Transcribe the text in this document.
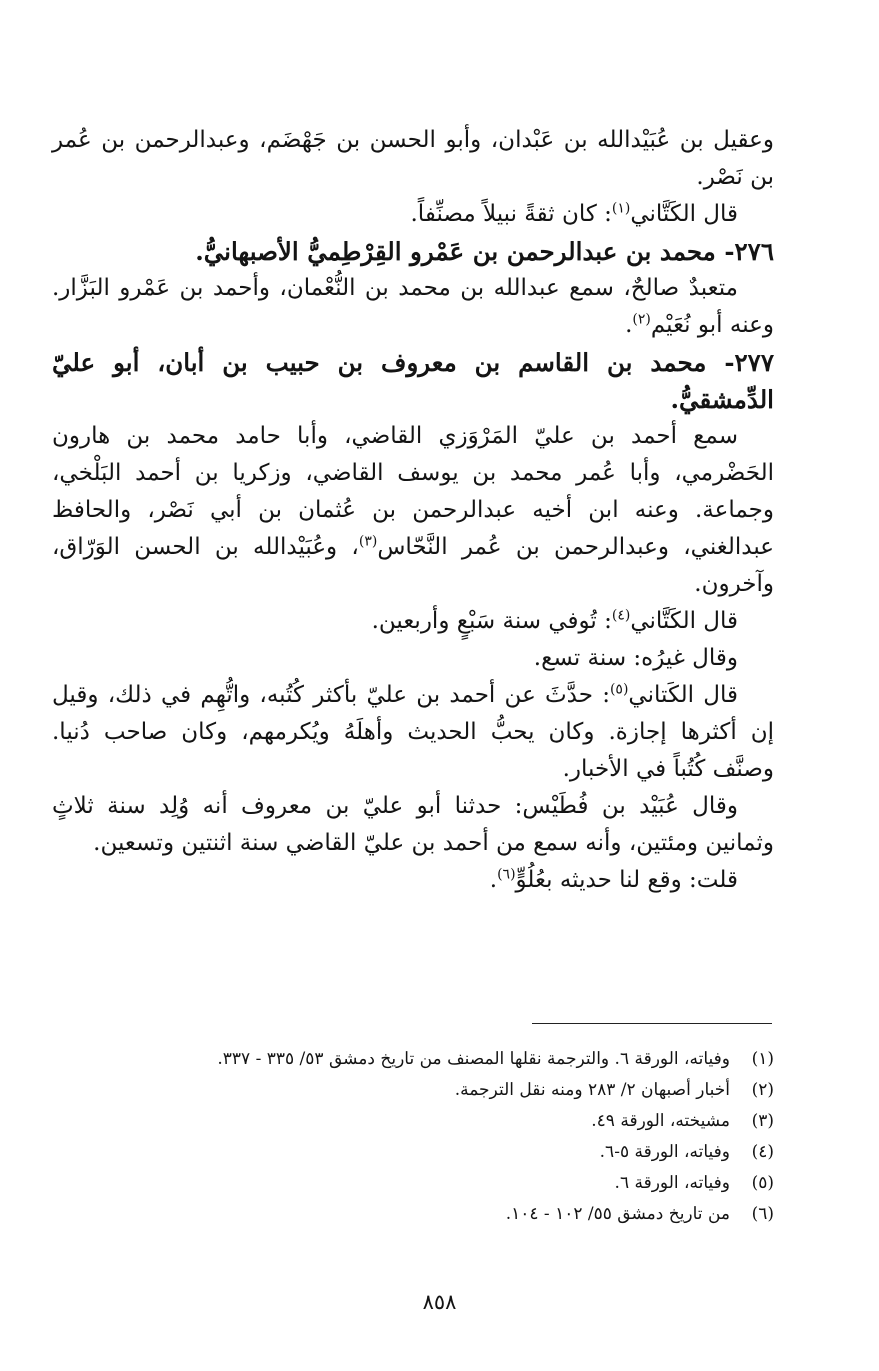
وعقيل بن عُبَيْدالله بن عَبْدان، وأبو الحسن بن جَهْضَم، وعبدالرحمن بن عُمر بن نَصْر.

قال الكَتَّاني$^{(١)}$: كان ثقةً نبيلاً مصنِّفاً.

٢٧٦- محمد بن عبدالرحمن بن عَمْرو القِرْطِميُّ الأصبهانيُّ.

متعبدٌ صالحٌ، سمع عبدالله بن محمد بن النُّعْمان، وأحمد بن عَمْرو البَزَّار. وعنه أبو نُعَيْم$^{(٢)}$.

٢٧٧- محمد بن القاسم بن معروف بن حبيب بن أبان، أبو عليّ الدِّمشقيُّ.

سمع أحمد بن عليّ المَرْوَزي القاضي، وأبا حامد محمد بن هارون الحَضْرمي، وأبا عُمر محمد بن يوسف القاضي، وزكريا بن أحمد البَلْخي، وجماعة. وعنه ابن أخيه عبدالرحمن بن عُثمان بن أبي نَصْر، والحافظ عبدالغني، وعبدالرحمن بن عُمر النَّحّاس$^{(٣)}$، وعُبَيْدالله بن الحسن الوَرّاق، وآخرون.

قال الكَتَّاني$^{(٤)}$: تُوفي سنة سَبْعٍ وأربعين.

وقال غيرُه: سنة تسع.

قال الكَتاني$^{(٥)}$: حدَّثَ عن أحمد بن عليّ بأكثر كُتُبه، واتُّهِم في ذلك، وقيل إن أكثرها إجازة. وكان يحبُّ الحديث وأهلَهُ ويُكرمهم، وكان صاحب دُنيا. وصنَّف كُتُباً في الأخبار.

وقال عُبَيْد بن فُطَيْس: حدثنا أبو عليّ بن معروف أنه وُلِد سنة ثلاثٍ وثمانين ومئتين، وأنه سمع من أحمد بن عليّ القاضي سنة اثنتين وتسعين.

قلت: وقع لنا حديثه بعُلُوٍّ$^{(٦)}$.

(١)
وفياته، الورقة ٦. والترجمة نقلها المصنف من تاريخ دمشق ٥٣/ ٣٣٥ - ٣٣٧.
(٢)
أخبار أصبهان ٢/ ٢٨٣ ومنه نقل الترجمة.
(٣)
مشيخته، الورقة ٤٩.
(٤)
وفياته، الورقة ٥-٦.
(٥)
وفياته، الورقة ٦.
(٦)
من تاريخ دمشق ٥٥/ ١٠٢ - ١٠٤.
٨٥٨
